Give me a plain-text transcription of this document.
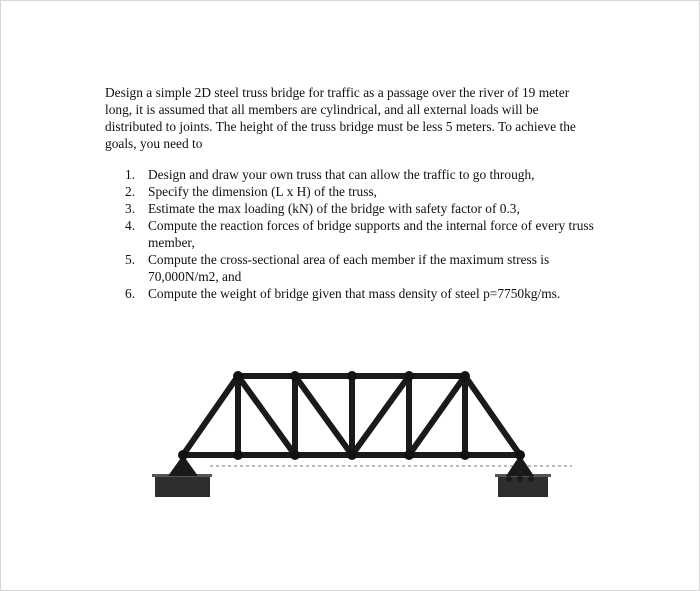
Design a simple 2D steel truss bridge for traffic as a passage over the river of 19 meter long, it is assumed that all members are cylindrical, and all external loads will be distributed to joints. The height of the truss bridge must be less 5 meters. To achieve the goals, you need to

1. Design and draw your own truss that can allow the traffic to go through,
2. Specify the dimension (L x H) of the truss,
3. Estimate the max loading (kN) of the bridge with safety factor of 0.3,
4. Compute the reaction forces of bridge supports and the internal force of every truss member,
5. Compute the cross-sectional area of each member if the maximum stress is 70,000N/m2, and
6. Compute the weight of bridge given that mass density of steel p=7750kg/ms.
